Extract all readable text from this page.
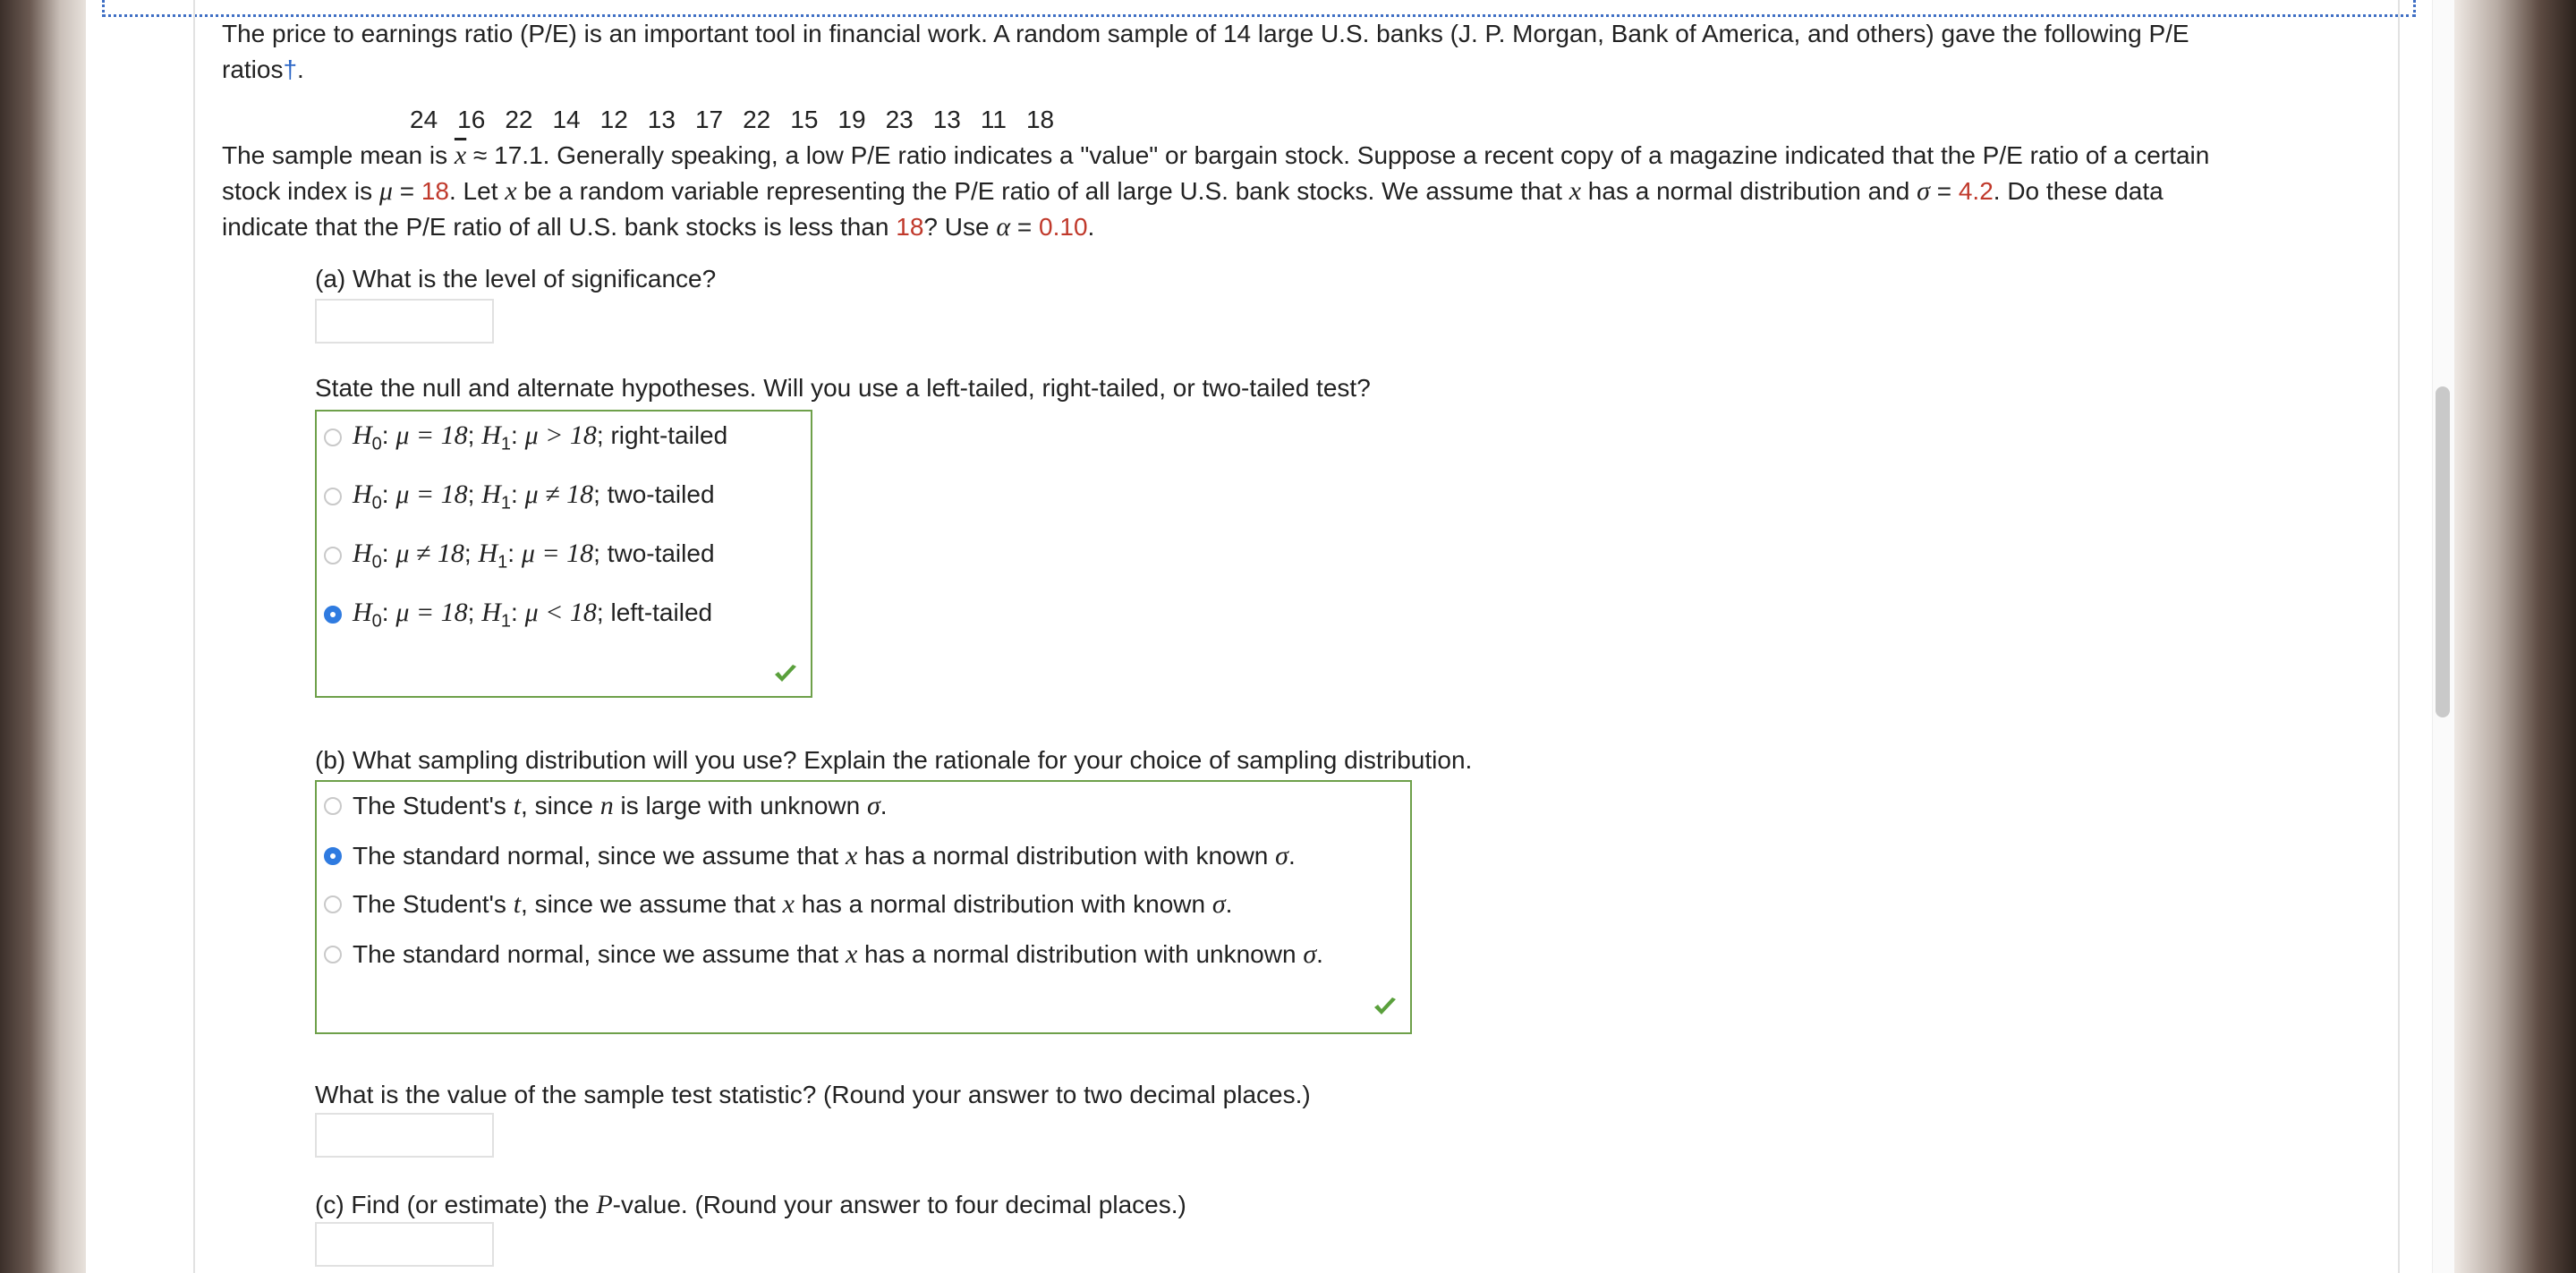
The price to earnings ratio (P/E) is an important tool in financial work. A random sample of 14 large U.S. banks (J. P. Morgan, Bank of America, and others) gave the following P/E
ratios†.
24 16 22 14 12 13 17 22 15 19 23 13 11 18
The sample mean is $\overline{x} \approx 17.1$. Generally speaking, a low P/E ratio indicates a "value" or bargain stock. Suppose a recent copy of a magazine indicated that the P/E ratio of a certain
stock index is μ = 18. Let x be a random variable representing the P/E ratio of all large U.S. bank stocks. We assume that x has a normal distribution and σ = 4.2. Do these data
indicate that the P/E ratio of all U.S. bank stocks is less than 18? Use α = 0.10.
(a) What is the level of significance?
State the null and alternate hypotheses. Will you use a left-tailed, right-tailed, or two-tailed test?
$H_0$: μ = 18; $H_1$: μ > 18; right-tailed
$H_0$: μ = 18; $H_1$: μ ≠ 18; two-tailed
$H_0$: μ ≠ 18; $H_1$: μ = 18; two-tailed
$H_0$: μ = 18; $H_1$: μ < 18; left-tailed
(b) What sampling distribution will you use? Explain the rationale for your choice of sampling distribution.
The Student's t, since n is large with unknown σ.
The standard normal, since we assume that x has a normal distribution with known σ.
The Student's t, since we assume that x has a normal distribution with known σ.
The standard normal, since we assume that x has a normal distribution with unknown σ.
What is the value of the sample test statistic? (Round your answer to two decimal places.)
(c) Find (or estimate) the P-value. (Round your answer to four decimal places.)
